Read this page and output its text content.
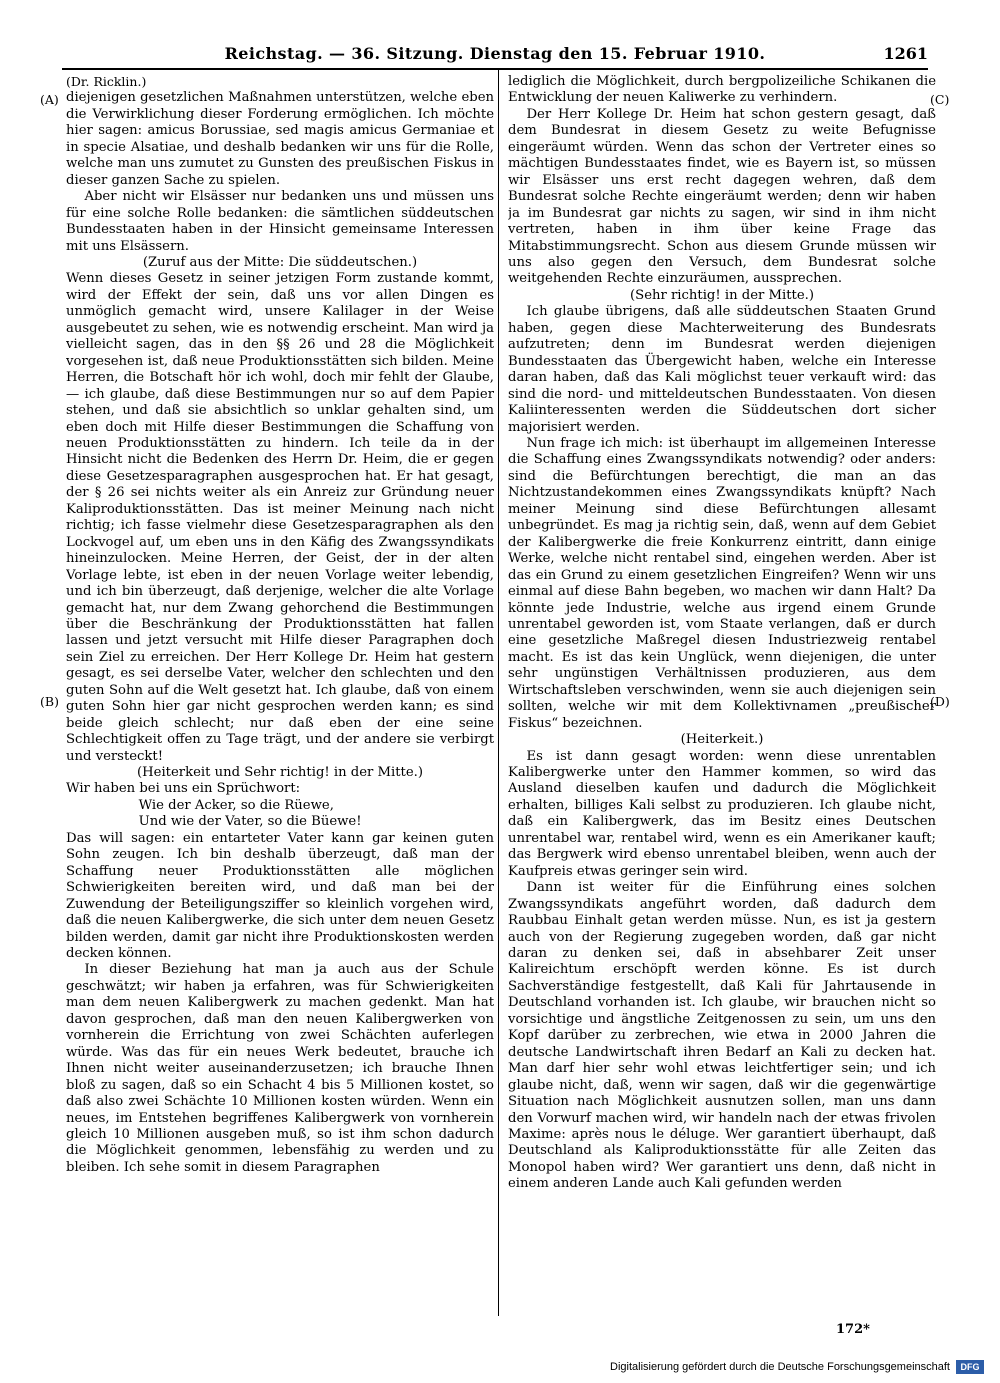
Reichstag. — 36. Sitzung. Dienstag den 15. Februar 1910.	1261

(Dr. Ricklin.)

diejenigen gesetzlichen Maßnahmen unterstützen, welche eben die Verwirklichung dieser Forderung ermöglichen. Ich möchte hier sagen: amicus Borussiae, sed magis amicus Germaniae et in specie Alsatiae, und deshalb bedanken wir uns für die Rolle, welche man uns zumutet zu Gunsten des preußischen Fiskus in dieser ganzen Sache zu spielen.

Aber nicht wir Elsässer nur bedanken uns und müssen uns für eine solche Rolle bedanken: die sämtlichen süddeutschen Bundesstaaten haben in der Hinsicht gemeinsame Interessen mit uns Elsässern.

(Zuruf aus der Mitte: Die süddeutschen.)

Wenn dieses Gesetz in seiner jetzigen Form zustande kommt, wird der Effekt der sein, daß uns vor allen Dingen es unmöglich gemacht wird, unsere Kalilager in der Weise ausgebeutet zu sehen, wie es notwendig erscheint. Man wird ja vielleicht sagen, das in den §§ 26 und 28 die Möglichkeit vorgesehen ist, daß neue Produktionsstätten sich bilden. Meine Herren, die Botschaft hör ich wohl, doch mir fehlt der Glaube, — ich glaube, daß diese Bestimmungen nur so auf dem Papier stehen, und daß sie absichtlich so unklar gehalten sind, um eben doch mit Hilfe dieser Bestimmungen die Schaffung von neuen Produktionsstätten zu hindern. Ich teile da in der Hinsicht nicht die Bedenken des Herrn Dr. Heim, die er gegen diese Gesetzesparagraphen ausgesprochen hat. Er hat gesagt, der § 26 sei nichts weiter als ein Anreiz zur Gründung neuer Kaliproduktionsstätten. Das ist meiner Meinung nach nicht richtig; ich fasse vielmehr diese Gesetzesparagraphen als den Lockvogel auf, um eben uns in den Käfig des Zwangssyndikats hineinzulocken. Meine Herren, der Geist, der in der alten Vorlage lebte, ist eben in der neuen Vorlage weiter lebendig, und ich bin überzeugt, daß derjenige, welcher die alte Vorlage gemacht hat, nur dem Zwang gehorchend die Bestimmungen über die Beschränkung der Produktionsstätten hat fallen lassen und jetzt versucht mit Hilfe dieser Paragraphen doch sein Ziel zu erreichen. Der Herr Kollege Dr. Heim hat gestern gesagt, es sei derselbe Vater, welcher den schlechten und den guten Sohn auf die Welt gesetzt hat. Ich glaube, daß von einem guten Sohn hier gar nicht gesprochen werden kann; es sind beide gleich schlecht; nur daß eben der eine seine Schlechtigkeit offen zu Tage trägt, und der andere sie verbirgt und versteckt!

(Heiterkeit und Sehr richtig! in der Mitte.)

Wir haben bei uns ein Sprüchwort:

Wie der Acker, so die Rüewe,

Und wie der Vater, so die Büewe!

Das will sagen: ein entarteter Vater kann gar keinen guten Sohn zeugen. Ich bin deshalb überzeugt, daß man der Schaffung neuer Produktionsstätten alle möglichen Schwierigkeiten bereiten wird, und daß man bei der Zuwendung der Beteiligungsziffer so kleinlich vorgehen wird, daß die neuen Kalibergwerke, die sich unter dem neuen Gesetz bilden werden, damit gar nicht ihre Produktionskosten werden decken können.

In dieser Beziehung hat man ja auch aus der Schule geschwätzt; wir haben ja erfahren, was für Schwierigkeiten man dem neuen Kalibergwerk zu machen gedenkt. Man hat davon gesprochen, daß man den neuen Kalibergwerken von vornherein die Errichtung von zwei Schächten auferlegen würde. Was das für ein neues Werk bedeutet, brauche ich Ihnen nicht weiter auseinanderzusetzen; ich brauche Ihnen bloß zu sagen, daß so ein Schacht 4 bis 5 Millionen kostet, so daß also zwei Schächte 10 Millionen kosten würden. Wenn ein neues, im Entstehen begriffenes Kalibergwerk von vornherein gleich 10 Millionen ausgeben muß, so ist ihm schon dadurch die Möglichkeit genommen, lebensfähig zu werden und zu bleiben. Ich sehe somit in diesem Paragraphen

lediglich die Möglichkeit, durch bergpolizeiliche Schikanen die Entwicklung der neuen Kaliwerke zu verhindern.

Der Herr Kollege Dr. Heim hat schon gestern gesagt, daß dem Bundesrat in diesem Gesetz zu weite Befugnisse eingeräumt würden. Wenn das schon der Vertreter eines so mächtigen Bundesstaates findet, wie es Bayern ist, so müssen wir Elsässer uns erst recht dagegen wehren, daß dem Bundesrat solche Rechte eingeräumt werden; denn wir haben ja im Bundesrat gar nichts zu sagen, wir sind in ihm nicht vertreten, haben in ihm über keine Frage das Mitabstimmungsrecht. Schon aus diesem Grunde müssen wir uns also gegen den Versuch, dem Bundesrat solche weitgehenden Rechte einzuräumen, aussprechen.

(Sehr richtig! in der Mitte.)

Ich glaube übrigens, daß alle süddeutschen Staaten Grund haben, gegen diese Machterweiterung des Bundesrats aufzutreten; denn im Bundesrat werden diejenigen Bundesstaaten das Übergewicht haben, welche ein Interesse daran haben, daß das Kali möglichst teuer verkauft wird: das sind die nord- und mitteldeutschen Bundesstaaten. Von diesen Kaliinteressenten werden die Süddeutschen dort sicher majorisiert werden.

Nun frage ich mich: ist überhaupt im allgemeinen Interesse die Schaffung eines Zwangssyndikats notwendig? oder anders: sind die Befürchtungen berechtigt, die man an das Nichtzustandekommen eines Zwangssyndikats knüpft? Nach meiner Meinung sind diese Befürchtungen allesamt unbegründet. Es mag ja richtig sein, daß, wenn auf dem Gebiet der Kalibergwerke die freie Konkurrenz eintritt, dann einige Werke, welche nicht rentabel sind, eingehen werden. Aber ist das ein Grund zu einem gesetzlichen Eingreifen? Wenn wir uns einmal auf diese Bahn begeben, wo machen wir dann Halt? Da könnte jede Industrie, welche aus irgend einem Grunde unrentabel geworden ist, vom Staate verlangen, daß er durch eine gesetzliche Maßregel diesen Industriezweig rentabel macht. Es ist das kein Unglück, wenn diejenigen, die unter sehr ungünstigen Verhältnissen produzieren, aus dem Wirtschaftsleben verschwinden, wenn sie auch diejenigen sein sollten, welche wir mit dem Kollektivnamen „preußischer Fiskus“ bezeichnen.

(Heiterkeit.)

Es ist dann gesagt worden: wenn diese unrentablen Kalibergwerke unter den Hammer kommen, so wird das Ausland dieselben kaufen und dadurch die Möglichkeit erhalten, billiges Kali selbst zu produzieren. Ich glaube nicht, daß ein Kalibergwerk, das im Besitz eines Deutschen unrentabel war, rentabel wird, wenn es ein Amerikaner kauft; das Bergwerk wird ebenso unrentabel bleiben, wenn auch der Kaufpreis etwas geringer sein wird.

Dann ist weiter für die Einführung eines solchen Zwangssyndikats angeführt worden, daß dadurch dem Raubbau Einhalt getan werden müsse. Nun, es ist ja gestern auch von der Regierung zugegeben worden, daß gar nicht daran zu denken sei, daß in absehbarer Zeit unser Kalireichtum erschöpft werden könne. Es ist durch Sachverständige festgestellt, daß Kali für Jahrtausende in Deutschland vorhanden ist. Ich glaube, wir brauchen nicht so vorsichtige und ängstliche Zeitgenossen zu sein, um uns den Kopf darüber zu zerbrechen, wie etwa in 2000 Jahren die deutsche Landwirtschaft ihren Bedarf an Kali zu decken hat. Man darf hier sehr wohl etwas leichtfertiger sein; und ich glaube nicht, daß, wenn wir sagen, daß wir die gegenwärtige Situation nach Möglichkeit ausnutzen sollen, man uns dann den Vorwurf machen wird, wir handeln nach der etwas frivolen Maxime: après nous le déluge. Wer garantiert überhaupt, daß Deutschland als Kaliproduktionsstätte für alle Zeiten das Monopol haben wird? Wer garantiert uns denn, daß nicht in einem anderen Lande auch Kali gefunden werden

(A)
(B)
(C)
(D)
172*
Digitalisierung gefördert durch die Deutsche Forschungsgemeinschaft	DFG
